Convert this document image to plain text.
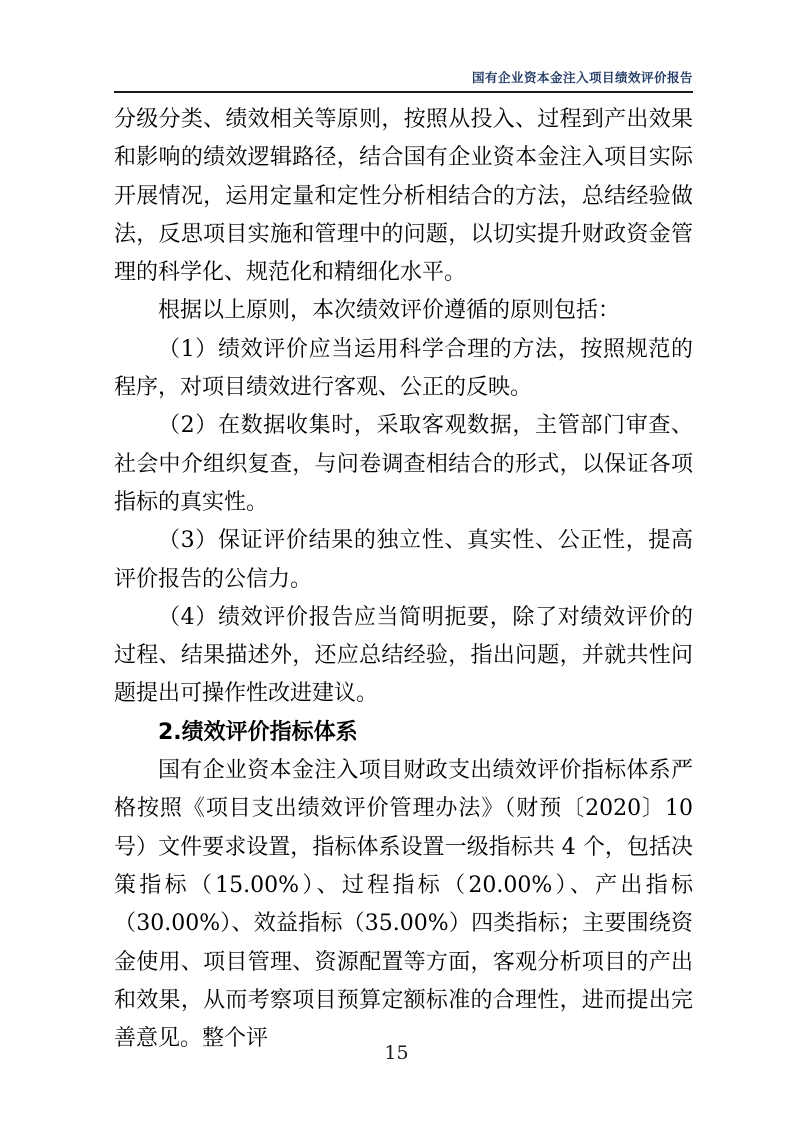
国有企业资本金注入项目绩效评价报告

分级分类、绩效相关等原则，按照从投入、过程到产出效果和影响的绩效逻辑路径，结合国有企业资本金注入项目实际开展情况，运用定量和定性分析相结合的方法，总结经验做法，反思项目实施和管理中的问题，以切实提升财政资金管理的科学化、规范化和精细化水平。

根据以上原则，本次绩效评价遵循的原则包括：

（1）绩效评价应当运用科学合理的方法，按照规范的程序，对项目绩效进行客观、公正的反映。

（2）在数据收集时，采取客观数据，主管部门审查、社会中介组织复查，与问卷调查相结合的形式，以保证各项指标的真实性。

（3）保证评价结果的独立性、真实性、公正性，提高评价报告的公信力。

（4）绩效评价报告应当简明扼要，除了对绩效评价的过程、结果描述外，还应总结经验，指出问题，并就共性问题提出可操作性改进建议。

2.绩效评价指标体系

国有企业资本金注入项目财政支出绩效评价指标体系严格按照《项目支出绩效评价管理办法》（财预〔2020〕10号）文件要求设置，指标体系设置一级指标共 4 个，包括决策指标（15.00%）、过程指标（20.00%）、产出指标（30.00%）、效益指标（35.00%）四类指标；主要围绕资金使用、项目管理、资源配置等方面，客观分析项目的产出和效果，从而考察项目预算定额标准的合理性，进而提出完善意见。整个评

15
